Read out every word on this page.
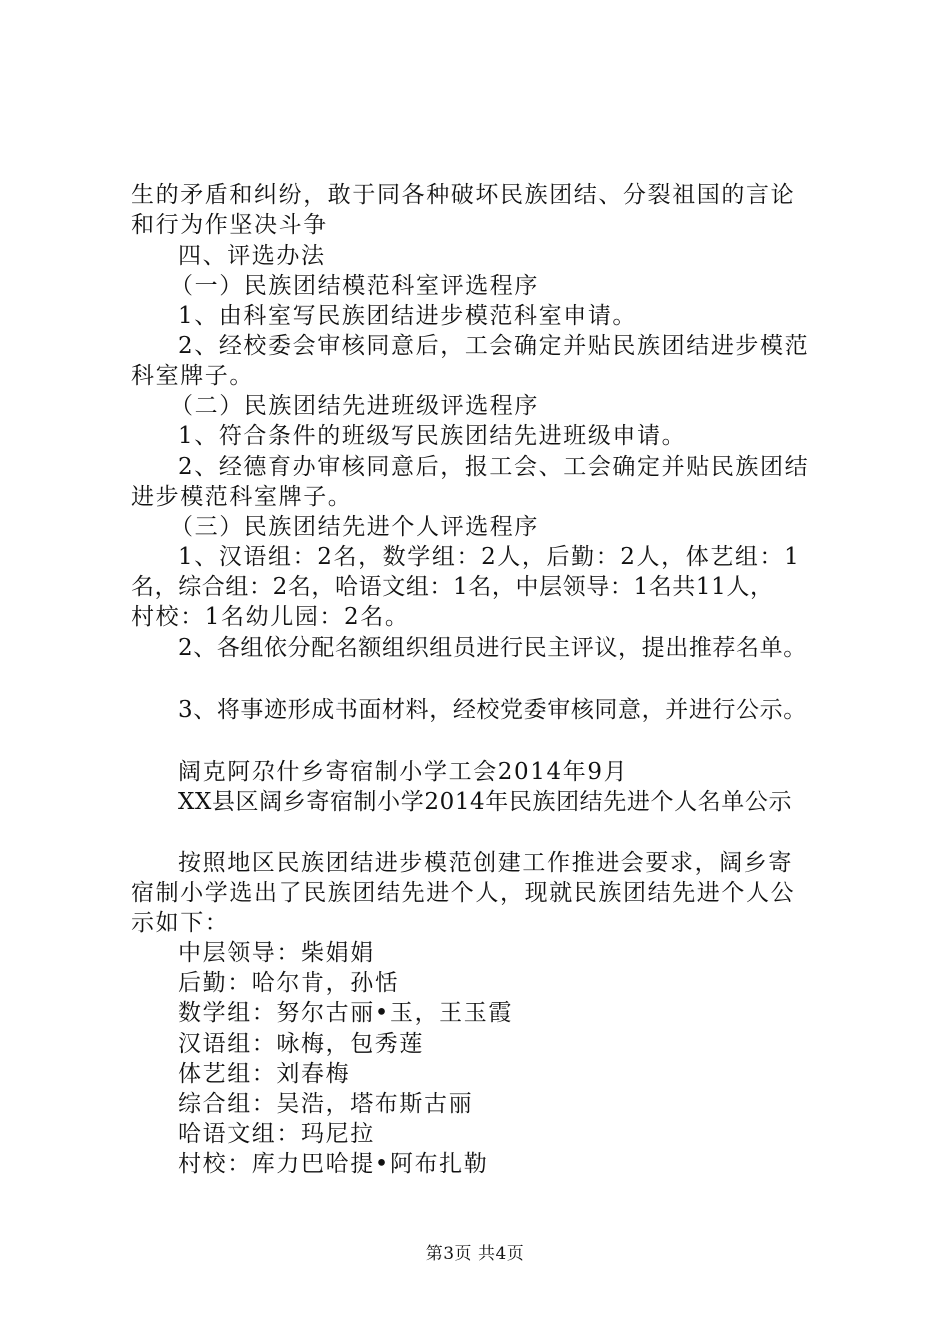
生的矛盾和纠纷，敢于同各种破坏民族团结、分裂祖国的言论

和行为作坚决斗争

四、评选办法

（一）民族团结模范科室评选程序

1、由科室写民族团结进步模范科室申请。

2、经校委会审核同意后，工会确定并贴民族团结进步模范

科室牌子。

（二）民族团结先进班级评选程序

1、符合条件的班级写民族团结先进班级申请。

2、经德育办审核同意后，报工会、工会确定并贴民族团结

进步模范科室牌子。

（三）民族团结先进个人评选程序

1、汉语组：2名，数学组：2人，后勤：2人，体艺组：1

名，综合组：2名，哈语文组：1名，中层领导：1名共11人，

村校：1名幼儿园：2名。

2、各组依分配名额组织组员进行民主评议，提出推荐名单。

3、将事迹形成书面材料，经校党委审核同意，并进行公示。

阔克阿尕什乡寄宿制小学工会2014年9月

XX县区阔乡寄宿制小学2014年民族团结先进个人名单公示

按照地区民族团结进步模范创建工作推进会要求，阔乡寄

宿制小学选出了民族团结先进个人，现就民族团结先进个人公

示如下：

中层领导：柴娟娟

后勤：哈尔肯，孙恬

数学组：努尔古丽•玉，王玉霞

汉语组：咏梅，包秀莲

体艺组：刘春梅

综合组：吴浩，塔布斯古丽

哈语文组：玛尼拉

村校：库力巴哈提•阿布扎勒

第3页 共4页
